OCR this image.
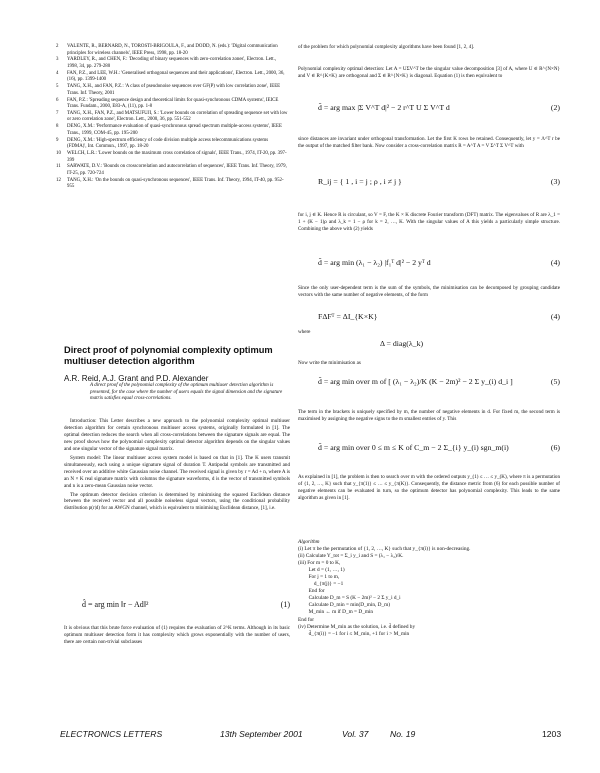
2	VALENTE, R., BERNARD, N., TOROSTI-BRIGOULA, F., and DODD, N. (eds.): 'Digital communication principles for wireless channels', IEEE Press, 1998, pp. 18-20
3	YARDLEY, R., and CHEN, F.: 'Decoding of binary sequences with zero-correlation zones', Electron. Lett., 1998, 34, pp. 279-280
4	FAN, P.Z., and LEE, W.H.: 'Generalised orthogonal sequences and their applications', Electron. Lett., 2000, 36, (16), pp. 1399-1400
5	TANG, X.H., and FAN, P.Z.: 'A class of pseudonoise sequences over GF(P) with low correlation zone', IEEE Trans. Inf. Theory, 2001
6	FAN, P.Z.: 'Spreading sequence design and theoretical limits for quasi-synchronous CDMA systems', IEICE Trans. Fundam., 2000, E83-A, (11), pp. 1-8
7	TANG, X.H., FAN, P.Z., and MATSUFUJI, S.: 'Lower bounds on correlation of spreading sequence set with low or zero correlation zone', Electron. Lett., 2000, 36, pp. 551-552
8	DENG, X.M.: 'Performance evaluation of quasi-synchronous spread spectrum multiple-access systems', IEEE Trans., 1999, COM-45, pp. 195-200
9	DENG, X.M.: 'High-spectrum efficiency of code division multiple access telecommunications systems (FDMA)', Int. Commun., 1997, pp. 18-20
10	WELCH, L.R.: 'Lower bounds on the maximum cross correlation of signals', IEEE Trans., 1974, IT-20, pp. 397-399
11	SARWATE, D.V.: 'Bounds on crosscorrelation and autocorrelation of sequences', IEEE Trans. Inf. Theory, 1979, IT-25, pp. 720-724
12	TANG, X.H.: 'On the bounds on quasi-synchronous sequences', IEEE Trans. Inf. Theory, 1994, IT-40, pp. 952-955
Direct proof of polynomial complexity optimum multiuser detection algorithm
A.R. Reid, A.J. Grant and P.D. Alexander
A direct proof of the polynomial complexity of the optimum multiuser detection algorithm is presented, for the case where the number of users equals the signal dimension and the signature matrix satisfies equal cross-correlations.

Introduction: This Letter describes a new approach to the polynomial complexity optimal multiuser detection algorithm for certain synchronous multiuser access systems, originally formulated in [1]. The optimal detection reduces the search when all cross-correlations between the signature signals are equal. The new proof shows how the polynomial complexity optimal detector algorithm depends on the singular values and one singular vector of the signature signal matrix.

System model: The linear multiuser access system model is based on that in [1]. The K users transmit simultaneously, each using a unique signature signal of duration T. Antipodal symbols are transmitted and received over an additive white Gaussian noise channel. The received signal is given by r = Ad + n, where A is an N × K real signature matrix with columns the signature waveforms, d is the vector of transmitted symbols and n is a zero-mean Gaussian noise vector.

The optimum detector decision criterion is determined by minimising the squared Euclidean distance between the received vector and all possible noiseless signal vectors, using the conditional probability distribution p(r|d) for an AWGN channel, which is equivalent to minimising Euclidean distance, [1], i.e.

d̂ = arg min ‖r − Ad‖²	(1)
It is obvious that this brute force evaluation of (1) requires the evaluation of 2^K terms. Although in its basic optimum multiuser detection form it has complexity which grows exponentially with the number of users, there are certain non-trivial subclasses
of the problem for which polynomial complexity algorithms have been found [1, 2, 4].
Polynomial complexity optimal detection: Let A = UΣV^T be the singular value decomposition [3] of A, where U ∈ R^{N×N} and V ∈ R^{K×K} are orthogonal and Σ ∈ R^{N×K} is diagonal. Equation (1) is then equivalent to
d̂ = arg max |Σ V^T d|² − 2 r^T U Σ V^T d	(2)
since distances are invariant under orthogonal transformation. Let the first K rows be retained. Consequently, let y = Λ^T r be the output of the matched filter bank. Now consider a cross-correlation matrix R = A^T A = V Σ^T Σ V^T with
R_ij = { 1 , i = j ; ρ , i ≠ j }	(3)
for i, j ∈ K. Hence R is circulant, so V = F, the K × K discrete Fourier transform (DFT) matrix. The eigenvalues of R are λ_1 = 1 + (K − 1)ρ and λ_k = 1 − ρ for k = 2, …, K. With the singular values of A this yields a particularly simple structure. Combining the above with (2) yields
d̂ = arg min (λ₁ − λ₂) |f₁ᵀ d|² − 2 yᵀ d	(4)
Since the only user-dependent term is the sum of the symbols, the minimisation can be decomposed by grouping candidate vectors with the same number of negative elements, of the form
FΔFᵀ = ΔI_{K×K}	(4)
where
Δ = diag(λ_k)
Now write the minimisation as
d̂ = arg min over m of [ (λ₁ − λ₂)/K (K − 2m)² − 2 Σ y_(i) d_i ]	(5)
The term in the brackets is uniquely specified by m, the number of negative elements in d. For fixed m, the second term is maximised by assigning the negative signs to the m smallest entries of y. This
d̂ = arg min over 0 ≤ m ≤ K of C_m − 2 Σ_{i} y_(i) sgn_m(i)	(6)
As explained in [1], the problem is then to search over m with the ordered outputs y_(1) ≤ … ≤ y_(K), where π is a permutation of {1, 2, …, K} such that y_{π(1)} ≤ … ≤ y_{π(K)}. Consequently, the distance metric from (6) for each possible number of negative elements can be evaluated in turn, so the optimum detector has polynomial complexity. This leads to the same algorithm as given in [1].
Algorithm
(i) Let π be the permutation of {1, 2, …, K} such that y_{π(i)} is non-decreasing.
(ii) Calculate Y_tot = Σ_i y_i and S = (λ₁ − λ₂)/K.
(iii) For m = 0 to K,
Let d = (1, …, 1)
For j = 1 to m,
d_{π(j)} = −1
End for
Calculate D_m = S (K − 2m)² − 2 Σ y_i d_i
Calculate D_min = min(D_min, D_m)
M_min ← m if D_m = D_min
End for
(iv) Determine M_min as the solution, i.e. d̂ defined by
d̂_{π(i)} = −1 for i ≤ M_min, +1 for i > M_min
ELECTRONICS LETTERS	13th September 2001	Vol. 37	No. 19	1203
